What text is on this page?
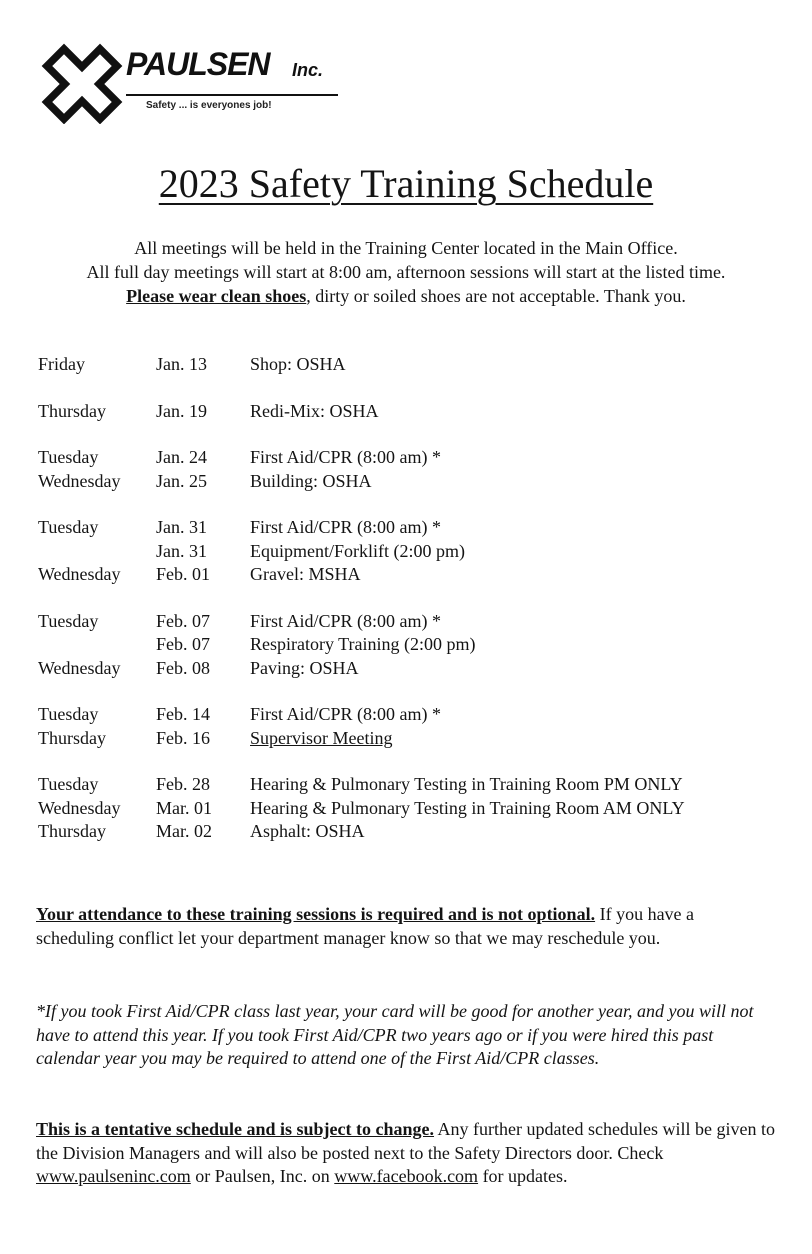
PAULSEN Inc.
Safety ... is everyones job!
2023 Safety Training Schedule
All meetings will be held in the Training Center located in the Main Office.
All full day meetings will start at 8:00 am, afternoon sessions will start at the listed time.
Please wear clean shoes, dirty or soiled shoes are not acceptable. Thank you.
Friday	Jan. 13 Shop: OSHA
Thursday	Jan. 19 Redi-Mix: OSHA
Tuesday	Jan. 24 First Aid/CPR (8:00 am) *
Wednesday Jan. 25 Building: OSHA
Tuesday	Jan. 31 First Aid/CPR (8:00 am) *
Jan. 31 Equipment/Forklift (2:00 pm)
Wednesday Feb. 01 Gravel: MSHA
Tuesday	Feb. 07 First Aid/CPR (8:00 am) *
Feb. 07 Respiratory Training (2:00 pm)
Wednesday Feb. 08 Paving: OSHA
Tuesday	Feb. 14 First Aid/CPR (8:00 am) *
Thursday	Feb. 16 Supervisor Meeting
Tuesday	Feb. 28 Hearing & Pulmonary Testing in Training Room PM ONLY
Wednesday Mar. 01 Hearing & Pulmonary Testing in Training Room AM ONLY
Thursday	Mar. 02 Asphalt: OSHA
Your attendance to these training sessions is required and is not optional. If you have a scheduling conflict let your department manager know so that we may reschedule you.
*If you took First Aid/CPR class last year, your card will be good for another year, and you will not have to attend this year. If you took First Aid/CPR two years ago or if you were hired this past calendar year you may be required to attend one of the First Aid/CPR classes.
This is a tentative schedule and is subject to change. Any further updated schedules will be given to the Division Managers and will also be posted next to the Safety Directors door. Check www.paulseninc.com or Paulsen, Inc. on www.facebook.com for updates.
